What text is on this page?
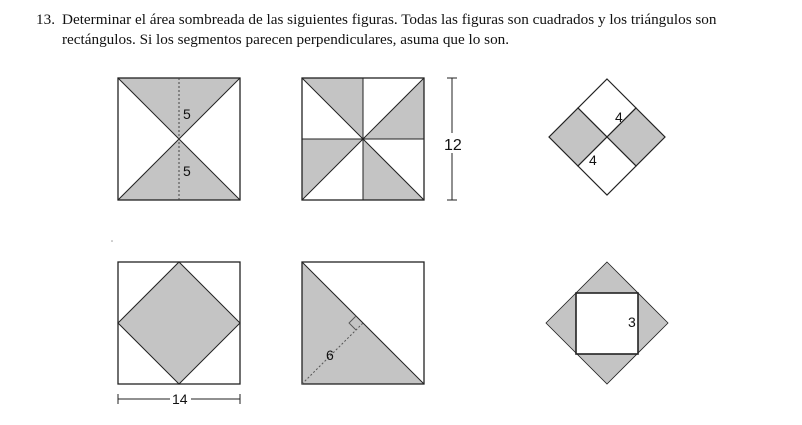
13. Determinar el área sombreada de las siguientes figuras. Todas las figuras son cuadrados y los triángulos son rectángulos. Si los segmentos parecen perpendiculares, asuma que lo son.
5
5
12
4
4
14
6
3
